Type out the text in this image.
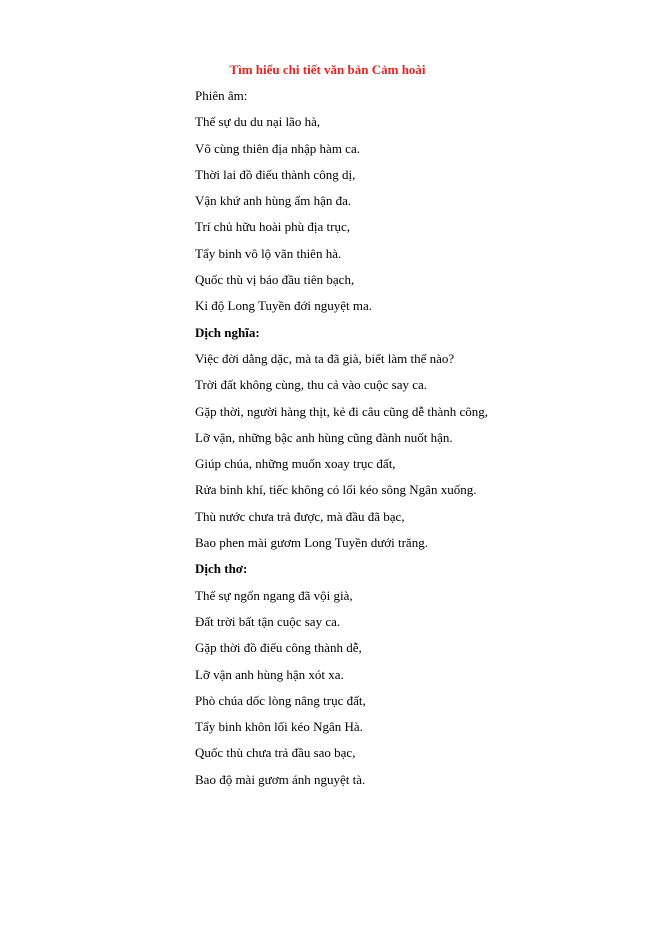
Tìm hiểu chi tiết văn bản Cảm hoài
Phiên âm:
Thế sự du du nại lão hà,
Vô cùng thiên địa nhập hàm ca.
Thời lai đồ điếu thành công dị,
Vận khứ anh hùng ẩm hận đa.
Trí chủ hữu hoài phù địa trục,
Tẩy binh vô lộ vãn thiên hà.
Quốc thù vị báo đầu tiên bạch,
Kỉ độ Long Tuyền đới nguyệt ma.
Dịch nghĩa:
Việc đời dằng dặc, mà ta đã già, biết làm thế nào?
Trời đất không cùng, thu cả vào cuộc say ca.
Gặp thời, người hàng thịt, kẻ đi câu cũng dễ thành công,
Lỡ vận, những bậc anh hùng cũng đành nuốt hận.
Giúp chúa, những muốn xoay trục đất,
Rửa binh khí, tiếc không có lối kéo sông Ngân xuống.
Thù nước chưa trả được, mà đầu đã bạc,
Bao phen mài gươm Long Tuyền dưới trăng.
Dịch thơ:
Thế sự ngổn ngang đã vội già,
Đất trời bất tận cuộc say ca.
Gặp thời đồ điếu công thành dễ,
Lỡ vận anh hùng hận xót xa.
Phò chúa dốc lòng nâng trục đất,
Tẩy binh khôn lối kéo Ngân Hà.
Quốc thù chưa trả đầu sao bạc,
Bao độ mài gươm ánh nguyệt tà.
